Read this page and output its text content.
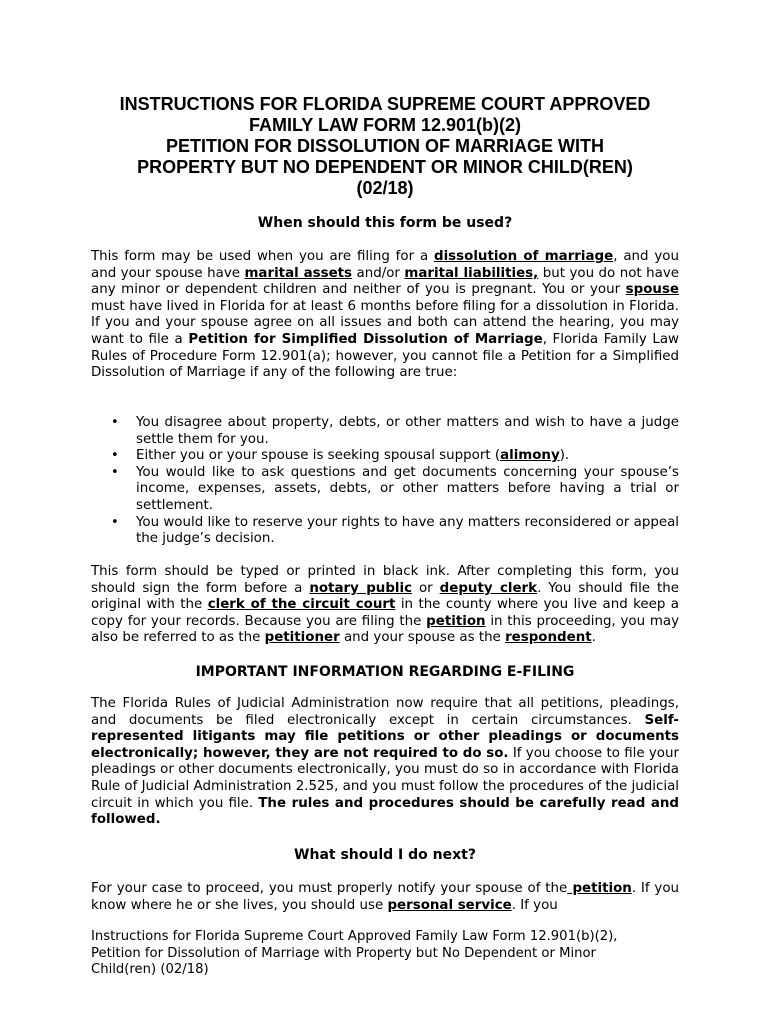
INSTRUCTIONS FOR FLORIDA SUPREME COURT APPROVED
FAMILY LAW FORM 12.901(b)(2)
PETITION FOR DISSOLUTION OF MARRIAGE WITH
PROPERTY BUT NO DEPENDENT OR MINOR CHILD(REN)
(02/18)
When should this form be used?
This form may be used when you are filing for a dissolution of marriage, and you and your spouse have marital assets and/or marital liabilities, but you do not have any minor or dependent children and neither of you is pregnant. You or your spouse must have lived in Florida for at least 6 months before filing for a dissolution in Florida. If you and your spouse agree on all issues and both can attend the hearing, you may want to file a Petition for Simplified Dissolution of Marriage, Florida Family Law Rules of Procedure Form 12.901(a); however, you cannot file a Petition for a Simplified Dissolution of Marriage if any of the following are true:
• You disagree about property, debts, or other matters and wish to have a judge settle them for you.
• Either you or your spouse is seeking spousal support (alimony).
• You would like to ask questions and get documents concerning your spouse’s income, expenses, assets, debts, or other matters before having a trial or settlement.
• You would like to reserve your rights to have any matters reconsidered or appeal the judge’s decision.
This form should be typed or printed in black ink. After completing this form, you should sign the form before a notary public or deputy clerk. You should file the original with the clerk of the circuit court in the county where you live and keep a copy for your records. Because you are filing the petition in this proceeding, you may also be referred to as the petitioner and your spouse as the respondent.
IMPORTANT INFORMATION REGARDING E-FILING
The Florida Rules of Judicial Administration now require that all petitions, pleadings, and documents be filed electronically except in certain circumstances. Self-represented litigants may file petitions or other pleadings or documents electronically; however, they are not required to do so. If you choose to file your pleadings or other documents electronically, you must do so in accordance with Florida Rule of Judicial Administration 2.525, and you must follow the procedures of the judicial circuit in which you file. The rules and procedures should be carefully read and followed.
What should I do next?
For your case to proceed, you must properly notify your spouse of the petition. If you know where he or she lives, you should use personal service. If you
Instructions for Florida Supreme Court Approved Family Law Form 12.901(b)(2),
Petition for Dissolution of Marriage with Property but No Dependent or Minor
Child(ren) (02/18)
